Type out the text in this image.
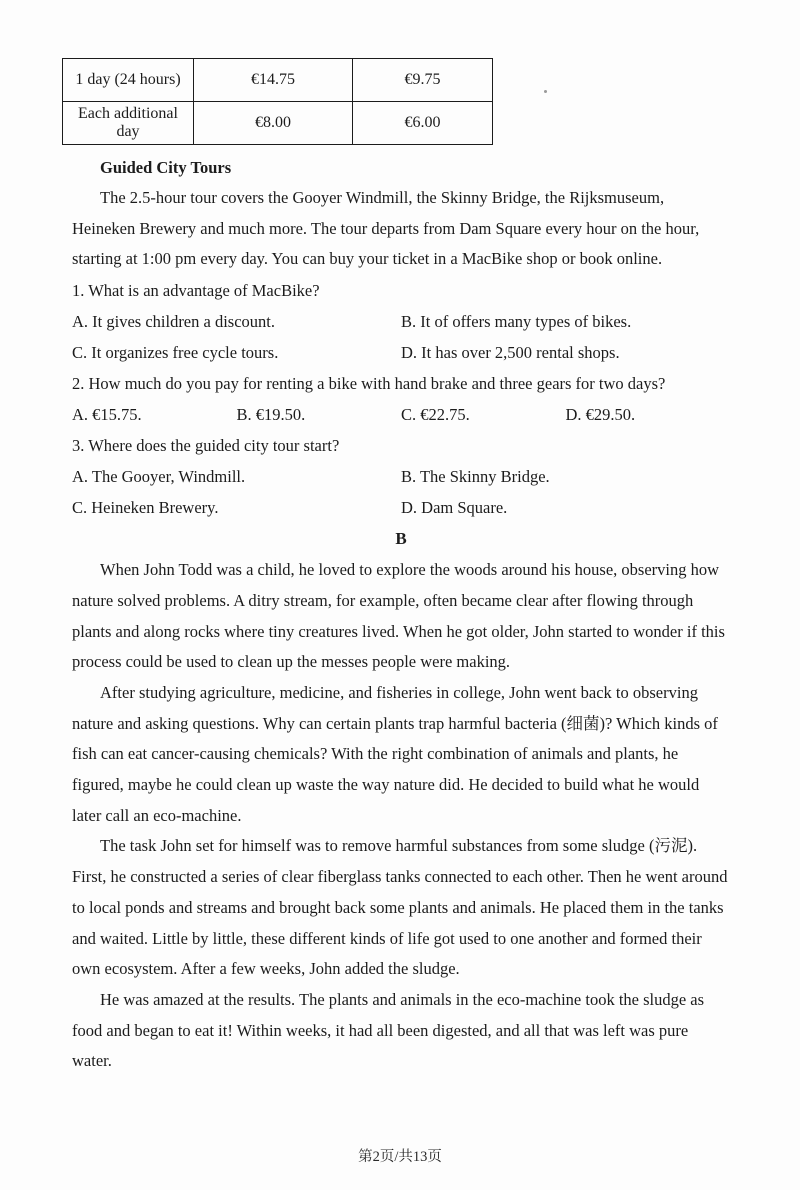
1 day (24 hours)	€14.75	€9.75
Each additional day	€8.00	€6.00
Guided City Tours

The 2.5-hour tour covers the Gooyer Windmill, the Skinny Bridge, the Rijksmuseum, Heineken Brewery and much more. The tour departs from Dam Square every hour on the hour, starting at 1:00 pm every day. You can buy your ticket in a MacBike shop or book online.

1. What is an advantage of MacBike?
A. It gives children a discount.	B. It of offers many types of bikes.
C. It organizes free cycle tours.	D. It has over 2,500 rental shops.
2. How much do you pay for renting a bike with hand brake and three gears for two days?
A. €15.75.	B. €19.50.	C. €22.75.	D. €29.50.
3. Where does the guided city tour start?
A. The Gooyer, Windmill.	B. The Skinny Bridge.
C. Heineken Brewery.	D. Dam Square.
B

When John Todd was a child, he loved to explore the woods around his house, observing how nature solved problems. A ditry stream, for example, often became clear after flowing through plants and along rocks where tiny creatures lived. When he got older, John started to wonder if this process could be used to clean up the messes people were making.

After studying agriculture, medicine, and fisheries in college, John went back to observing nature and asking questions. Why can certain plants trap harmful bacteria (细菌)? Which kinds of fish can eat cancer-causing chemicals? With the right combination of animals and plants, he figured, maybe he could clean up waste the way nature did. He decided to build what he would later call an eco-machine.

The task John set for himself was to remove harmful substances from some sludge (污泥). First, he constructed a series of clear fiberglass tanks connected to each other. Then he went around to local ponds and streams and brought back some plants and animals. He placed them in the tanks and waited. Little by little, these different kinds of life got used to one another and formed their own ecosystem. After a few weeks, John added the sludge.

He was amazed at the results. The plants and animals in the eco-machine took the sludge as food and began to eat it! Within weeks, it had all been digested, and all that was left was pure water.

第2页/共13页
